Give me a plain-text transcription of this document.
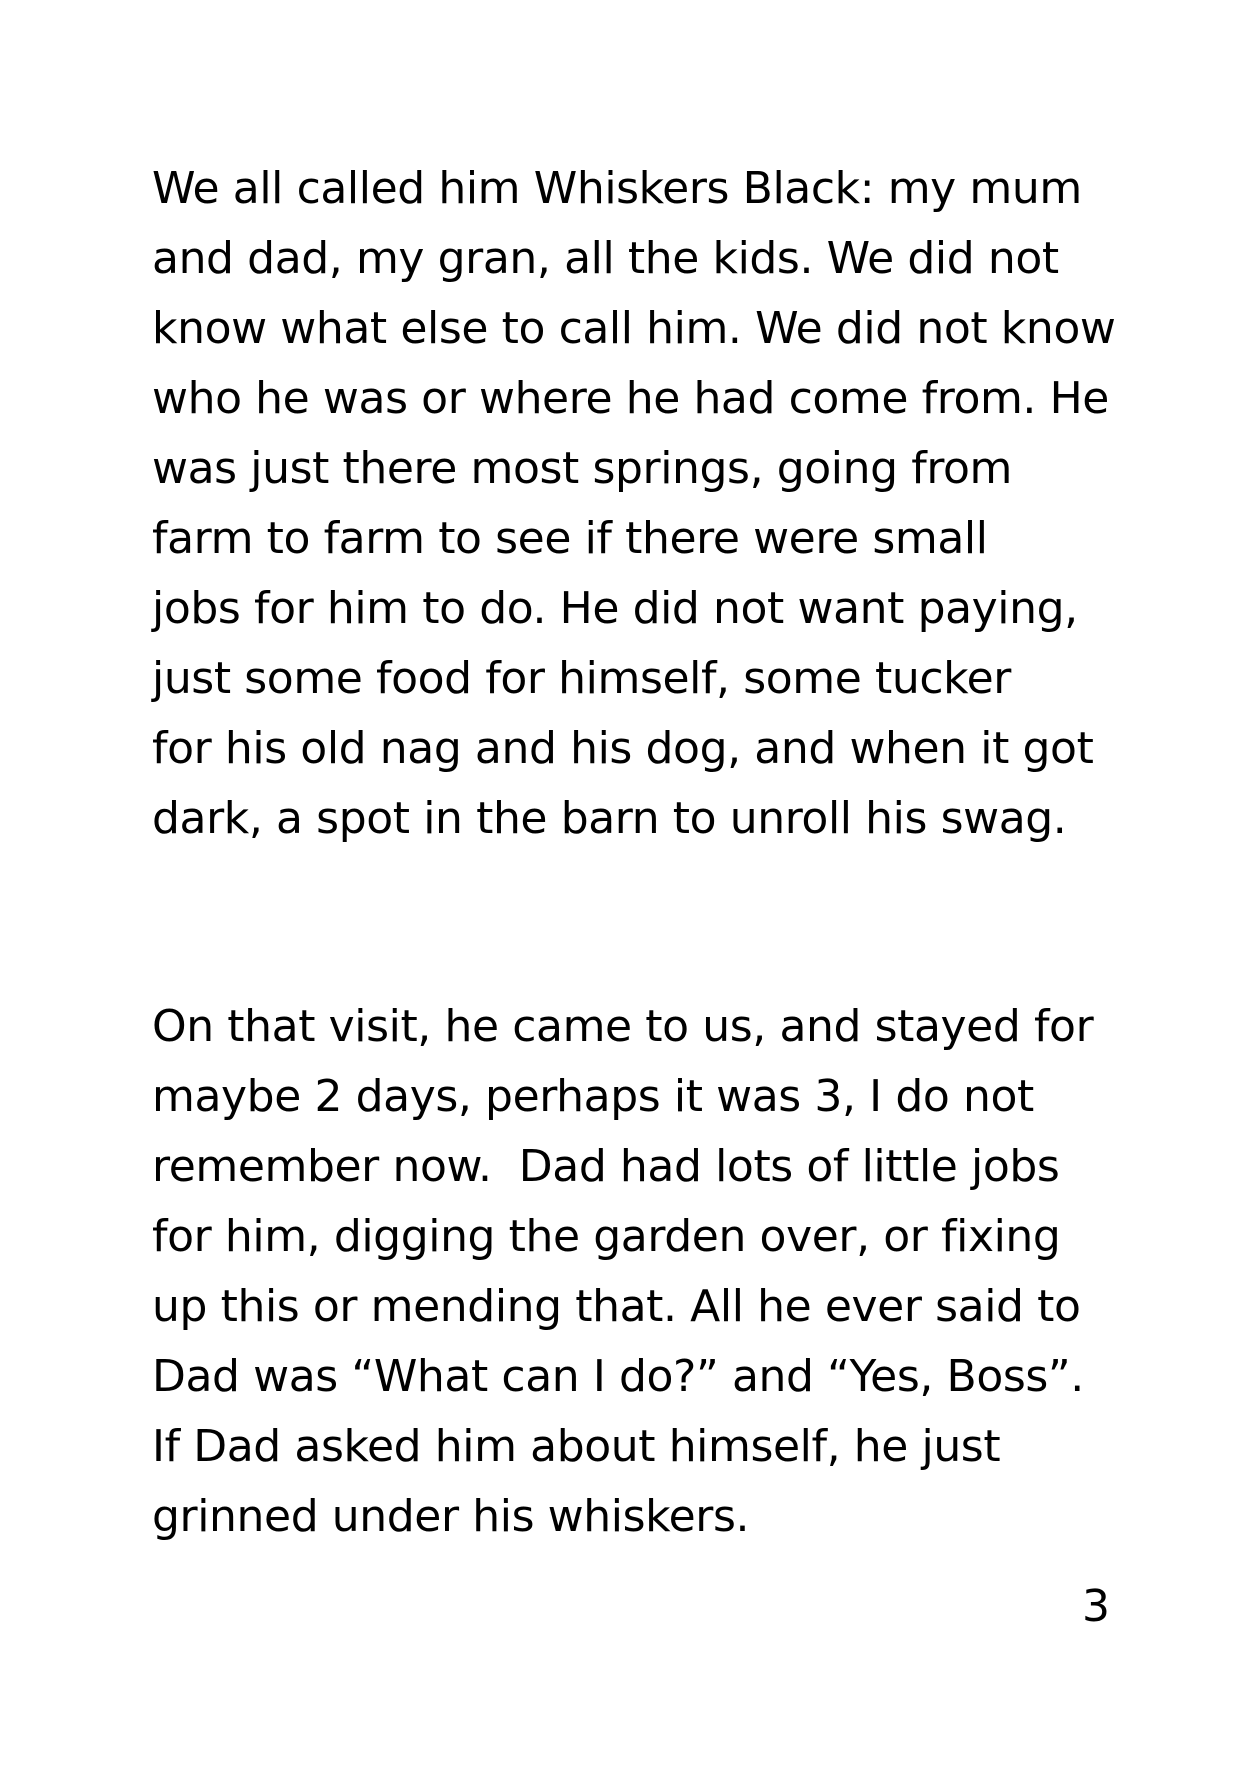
We all called him Whiskers Black: my mum
and dad, my gran, all the kids. We did not
know what else to call him. We did not know
who he was or where he had come from. He
was just there most springs, going from
farm to farm to see if there were small
jobs for him to do. He did not want paying,
just some food for himself, some tucker
for his old nag and his dog, and when it got
dark, a spot in the barn to unroll his swag.

On that visit, he came to us, and stayed for
maybe 2 days, perhaps it was 3, I do not
remember now.  Dad had lots of little jobs
for him, digging the garden over, or fixing
up this or mending that. All he ever said to
Dad was “What can I do?” and “Yes, Boss”.
If Dad asked him about himself, he just
grinned under his whiskers.

3
